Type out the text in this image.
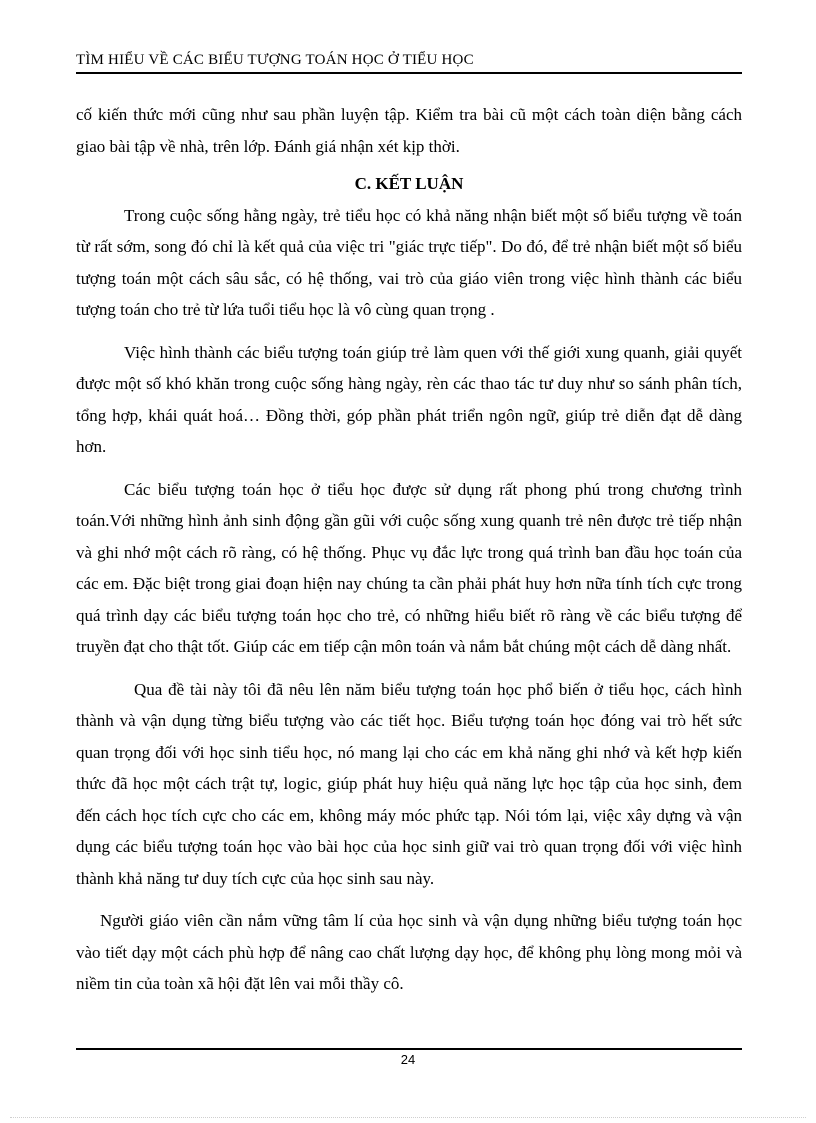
TÌM HIỂU VỀ CÁC BIỂU TƯỢNG TOÁN HỌC Ở TIỂU HỌC

cố kiến thức mới cũng như sau phần luyện tập. Kiểm tra bài cũ một cách toàn diện bằng cách giao bài tập về nhà, trên lớp. Đánh giá nhận xét kịp thời.

C. KẾT LUẬN

Trong cuộc sống hằng ngày, trẻ tiểu học có khả năng nhận biết một số biểu tượng về toán từ rất sớm, song đó chỉ là kết quả của việc tri "giác trực tiếp". Do đó, để trẻ nhận biết một số biểu tượng toán một cách sâu sắc, có hệ thống, vai trò của giáo viên trong việc hình thành các biểu tượng toán cho trẻ từ lứa tuổi tiểu học là vô cùng quan trọng .

Việc hình thành các biểu tượng toán giúp trẻ làm quen với thế giới xung quanh, giải quyết được một số khó khăn trong cuộc sống hàng ngày, rèn các thao tác tư duy như so sánh phân tích, tổng hợp, khái quát hoá… Đồng thời, góp phần phát triển ngôn ngữ, giúp trẻ diễn đạt dễ dàng hơn.

Các biểu tượng toán học ở tiểu học được sử dụng rất phong phú trong chương trình toán.Với những hình ảnh sinh động gần gũi với cuộc sống xung quanh trẻ nên được trẻ tiếp nhận và ghi nhớ một cách rõ ràng, có hệ thống. Phục vụ đắc lực trong quá trình ban đầu học toán của các em. Đặc biệt trong giai đoạn hiện nay chúng ta cần phải phát huy hơn nữa tính tích cực trong quá trình dạy các biểu tượng toán học cho trẻ, có những hiểu biết rõ ràng về các biểu tượng để truyền đạt cho thật tốt. Giúp các em tiếp cận môn toán và nắm bắt chúng một cách dễ dàng nhất.

Qua đề tài này tôi đã nêu lên năm biểu tượng toán học phổ biến ở tiểu học, cách hình thành và vận dụng từng biểu tượng vào các tiết học. Biểu tượng toán học đóng vai trò hết sức quan trọng đối với học sinh tiểu học, nó mang lại cho các em khả năng ghi nhớ và kết hợp kiến thức đã học một cách trật tự, logic, giúp phát huy hiệu quả năng lực học tập của học sinh, đem đến cách học tích cực cho các em, không máy móc phức tạp. Nói tóm lại, việc xây dựng và vận dụng các biểu tượng toán học vào bài học của học sinh giữ vai trò quan trọng đối với việc hình thành khả năng tư duy tích cực của học sinh sau này.

Người giáo viên cần nắm vững tâm lí của học sinh và vận dụng những biểu tượng toán học vào tiết dạy một cách phù hợp để nâng cao chất lượng dạy học, để không phụ lòng mong mỏi và niềm tin của toàn xã hội đặt lên vai mỗi thầy cô.

24
